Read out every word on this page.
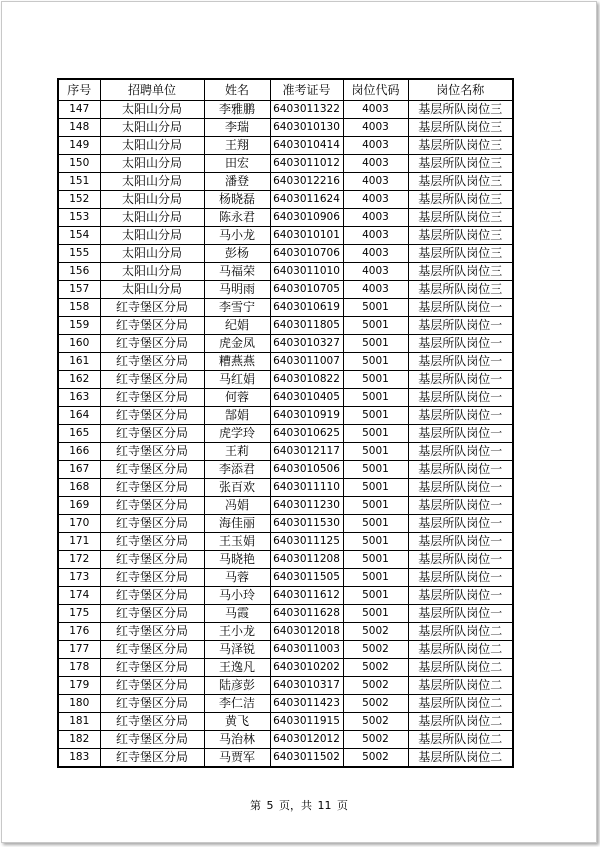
序号	招聘单位	姓名	准考证号	岗位代码	岗位名称
147	太阳山分局	李雅鹏	6403011322	4003	基层所队岗位三
148	太阳山分局	李瑞	6403010130	4003	基层所队岗位三
149	太阳山分局	王翔	6403010414	4003	基层所队岗位三
150	太阳山分局	田宏	6403011012	4003	基层所队岗位三
151	太阳山分局	潘登	6403012216	4003	基层所队岗位三
152	太阳山分局	杨晓磊	6403011624	4003	基层所队岗位三
153	太阳山分局	陈永君	6403010906	4003	基层所队岗位三
154	太阳山分局	马小龙	6403010101	4003	基层所队岗位三
155	太阳山分局	彭杨	6403010706	4003	基层所队岗位三
156	太阳山分局	马福荣	6403011010	4003	基层所队岗位三
157	太阳山分局	马明雨	6403010705	4003	基层所队岗位三
158	红寺堡区分局	李雪宁	6403010619	5001	基层所队岗位一
159	红寺堡区分局	纪娟	6403011805	5001	基层所队岗位一
160	红寺堡区分局	虎金凤	6403010327	5001	基层所队岗位一
161	红寺堡区分局	糟燕燕	6403011007	5001	基层所队岗位一
162	红寺堡区分局	马红娟	6403010822	5001	基层所队岗位一
163	红寺堡区分局	何蓉	6403010405	5001	基层所队岗位一
164	红寺堡区分局	郜娟	6403010919	5001	基层所队岗位一
165	红寺堡区分局	虎学玲	6403010625	5001	基层所队岗位一
166	红寺堡区分局	王莉	6403012117	5001	基层所队岗位一
167	红寺堡区分局	李添君	6403010506	5001	基层所队岗位一
168	红寺堡区分局	张百欢	6403011110	5001	基层所队岗位一
169	红寺堡区分局	冯娟	6403011230	5001	基层所队岗位一
170	红寺堡区分局	海佳丽	6403011530	5001	基层所队岗位一
171	红寺堡区分局	王玉娟	6403011125	5001	基层所队岗位一
172	红寺堡区分局	马晓艳	6403011208	5001	基层所队岗位一
173	红寺堡区分局	马蓉	6403011505	5001	基层所队岗位一
174	红寺堡区分局	马小玲	6403011612	5001	基层所队岗位一
175	红寺堡区分局	马霞	6403011628	5001	基层所队岗位一
176	红寺堡区分局	王小龙	6403012018	5002	基层所队岗位二
177	红寺堡区分局	马泽锐	6403011003	5002	基层所队岗位二
178	红寺堡区分局	王逸凡	6403010202	5002	基层所队岗位二
179	红寺堡区分局	陆彦彭	6403010317	5002	基层所队岗位二
180	红寺堡区分局	李仁洁	6403011423	5002	基层所队岗位二
181	红寺堡区分局	黄飞	6403011915	5002	基层所队岗位二
182	红寺堡区分局	马治林	6403012012	5002	基层所队岗位二
183	红寺堡区分局	马贾军	6403011502	5002	基层所队岗位二
第 5 页，共 11 页
